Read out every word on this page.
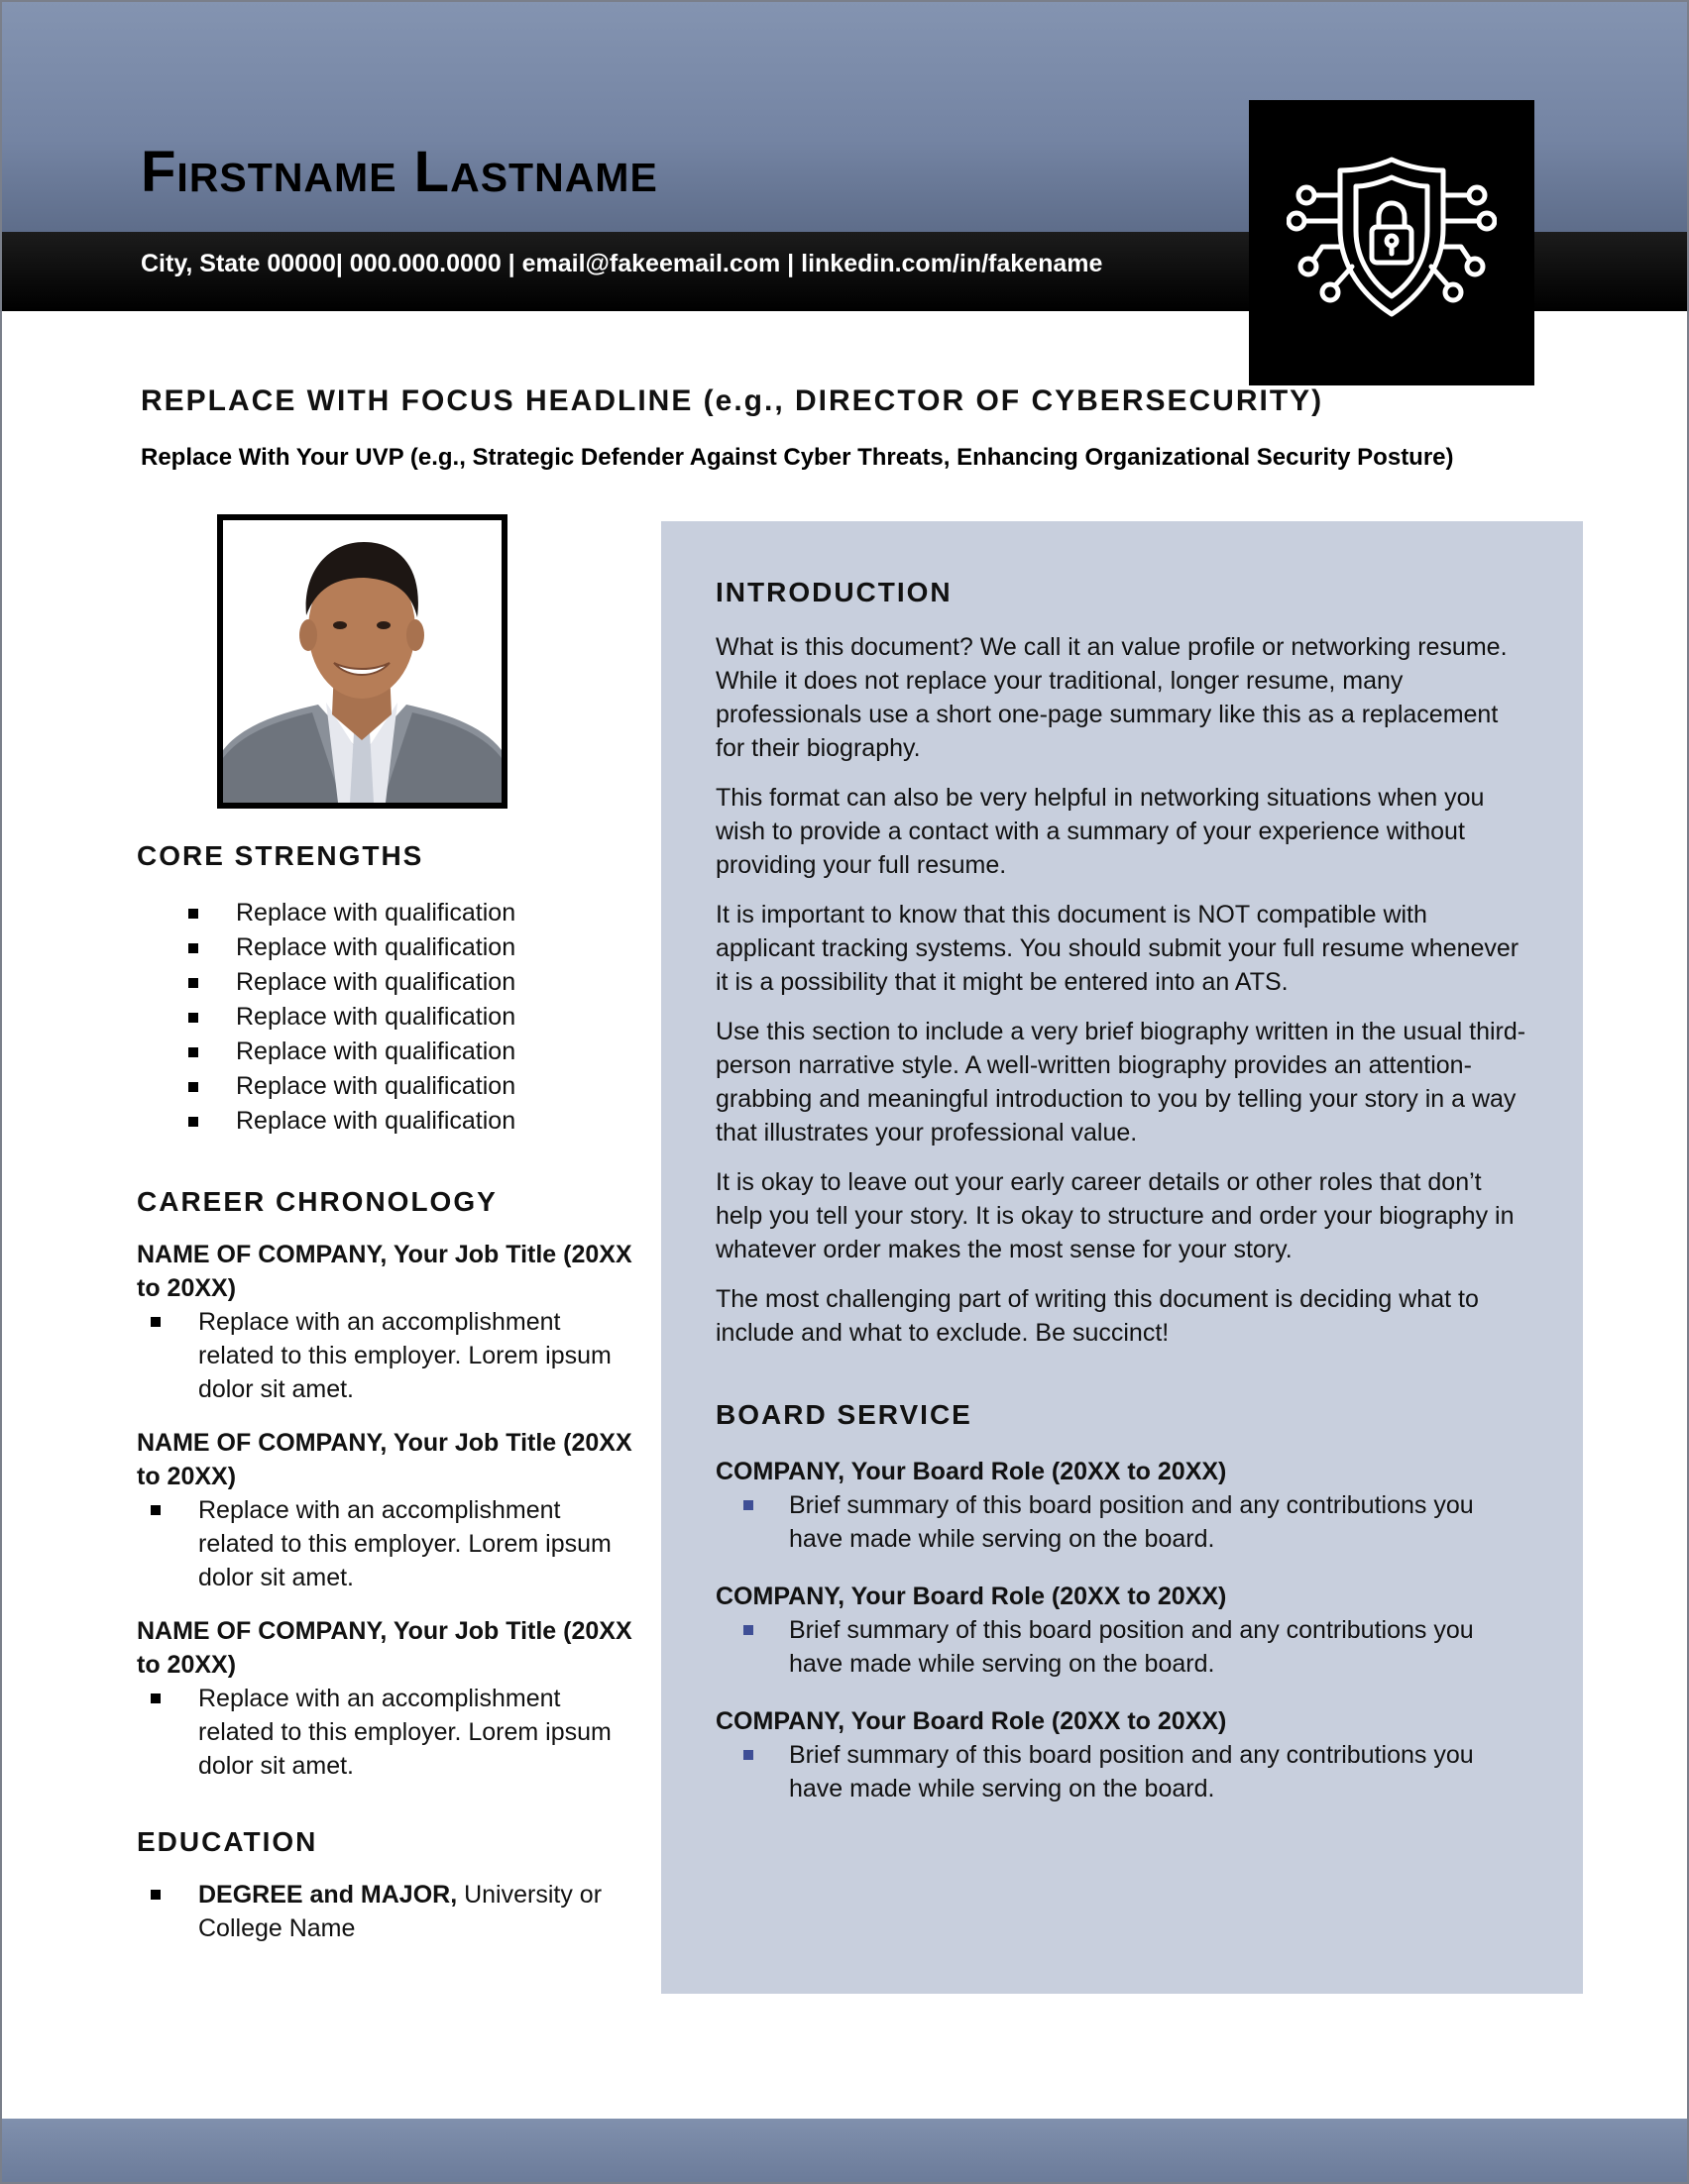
Firstname Lastname
City, State 00000| 000.000.0000 | email@fakeemail.com | linkedin.com/in/fakename
REPLACE WITH FOCUS HEADLINE (e.g., DIRECTOR OF CYBERSECURITY)
Replace With Your UVP (e.g., Strategic Defender Against Cyber Threats, Enhancing Organizational Security Posture)
CORE STRENGTHS
Replace with qualification
Replace with qualification
Replace with qualification
Replace with qualification
Replace with qualification
Replace with qualification
Replace with qualification
CAREER CHRONOLOGY
NAME OF COMPANY, Your Job Title (20XX to 20XX)
Replace with an accomplishment related to this employer. Lorem ipsum dolor sit amet.
NAME OF COMPANY, Your Job Title (20XX to 20XX)
Replace with an accomplishment related to this employer. Lorem ipsum dolor sit amet.
NAME OF COMPANY, Your Job Title (20XX to 20XX)
Replace with an accomplishment related to this employer. Lorem ipsum dolor sit amet.
EDUCATION
DEGREE and MAJOR, University or College Name
INTRODUCTION

What is this document? We call it an value profile or networking resume. While it does not replace your traditional, longer resume, many professionals use a short one-page summary like this as a replacement for their biography.

This format can also be very helpful in networking situations when you wish to provide a contact with a summary of your experience without providing your full resume.

It is important to know that this document is NOT compatible with applicant tracking systems. You should submit your full resume whenever it is a possibility that it might be entered into an ATS.

Use this section to include a very brief biography written in the usual third-person narrative style. A well-written biography provides an attention-grabbing and meaningful introduction to you by telling your story in a way that illustrates your professional value.

It is okay to leave out your early career details or other roles that don’t help you tell your story. It is okay to structure and order your biography in whatever order makes the most sense for your story.

The most challenging part of writing this document is deciding what to include and what to exclude. Be succinct!

BOARD SERVICE
COMPANY, Your Board Role (20XX to 20XX)
Brief summary of this board position and any contributions you have made while serving on the board.
COMPANY, Your Board Role (20XX to 20XX)
Brief summary of this board position and any contributions you have made while serving on the board.
COMPANY, Your Board Role (20XX to 20XX)
Brief summary of this board position and any contributions you have made while serving on the board.
